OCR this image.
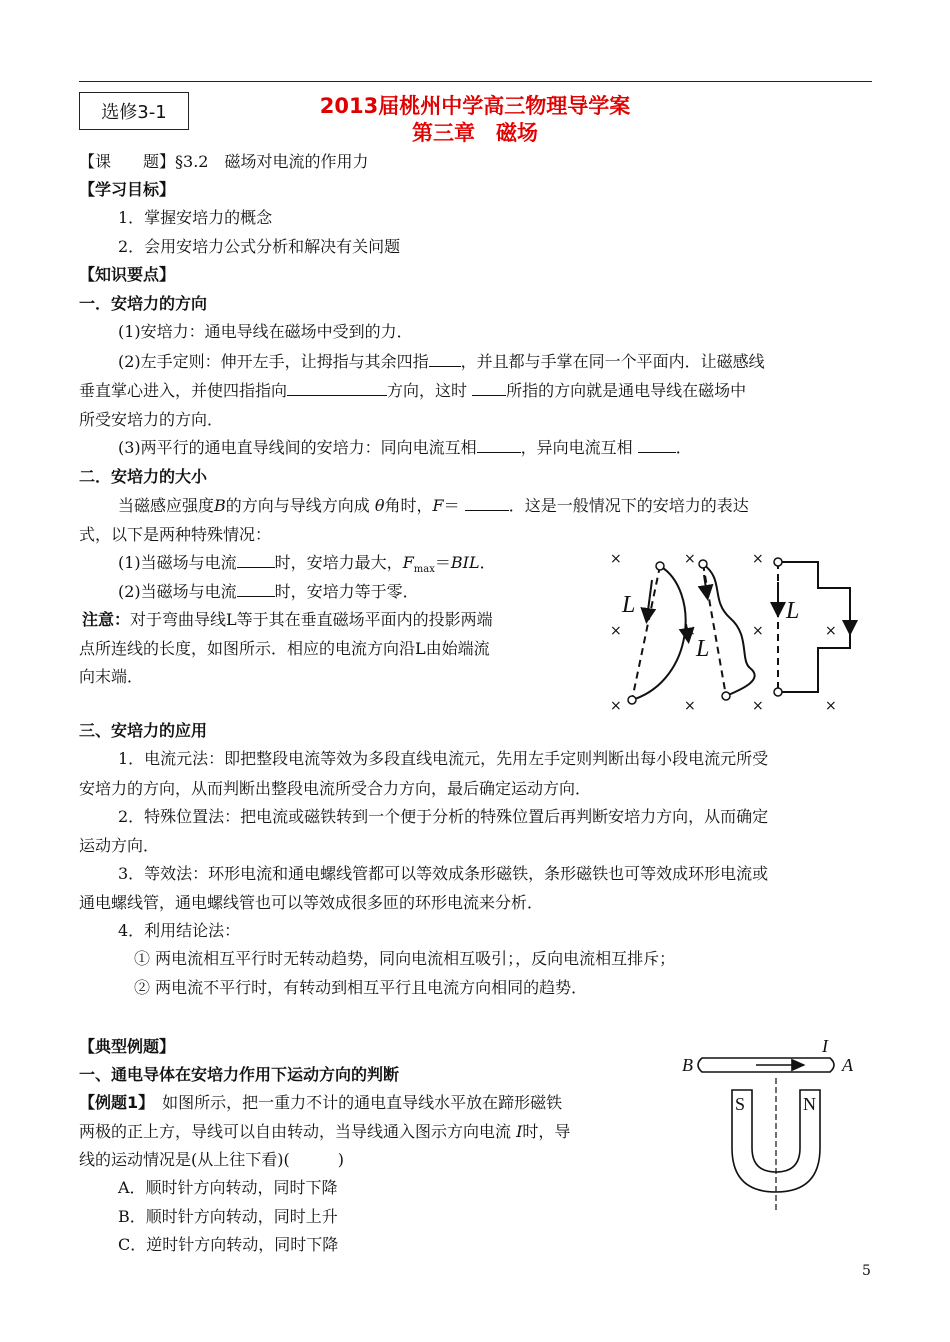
选修3-1	2013届桃州中学高三物理导学案
第三章　磁场
【课　　题】§3.2　磁场对电流的作用力
【学习目标】
1．掌握安培力的概念
2．会用安培力公式分析和解决有关问题
【知识要点】
一．安培力的方向
(1)安培力：通电导线在磁场中受到的力．
(2)左手定则：伸开左手，让拇指与其余四指 ，并且都与手掌在同一个平面内．让磁感线
垂直掌心进入，并使四指指向	方向，这时 所指的方向就是通电导线在磁场中
所受安培力的方向．
(3)两平行的通电直导线间的安培力：同向电流互相	，异向电流互相 ．
二．安培力的大小
当磁感应强度B的方向与导线方向成 θ角时，F＝	．这是一般情况下的安培力的表达
式，以下是两种特殊情况：
(1)当磁场与电流 时，安培力最大，$F_{max}=BIL$．
(2)当磁场与电流 时，安培力等于零．
注意：对于弯曲导线L等于其在垂直磁场平面内的投影两端
点所连线的长度，如图所示．相应的电流方向沿L由始端流
向末端．
×	×	×
×	×	×	×
×	×	×	×
L
L
L
三、安培力的应用
1．电流元法：即把整段电流等效为多段直线电流元，先用左手定则判断出每小段电流元所受
安培力的方向，从而判断出整段电流所受合力方向，最后确定运动方向．
2．特殊位置法：把电流或磁铁转到一个便于分析的特殊位置后再判断安培力方向，从而确定
运动方向．
3．等效法：环形电流和通电螺线管都可以等效成条形磁铁，条形磁铁也可等效成环形电流或
通电螺线管，通电螺线管也可以等效成很多匝的环形电流来分析．
4．利用结论法：
① 两电流相互平行时无转动趋势，同向电流相互吸引；，反向电流相互排斥；
② 两电流不平行时，有转动到相互平行且电流方向相同的趋势．
【典型例题】
一、通电导体在安培力作用下运动方向的判断
【例题1】　如图所示，把一重力不计的通电直导线水平放在蹄形磁铁
两极的正上方，导线可以自由转动，当导线通入图示方向电流 I时，导
线的运动情况是(从上往下看)(　　　)
A．顺时针方向转动，同时下降
B．顺时针方向转动，同时上升
C．逆时针方向转动，同时下降
B	A
I
S	N
5
